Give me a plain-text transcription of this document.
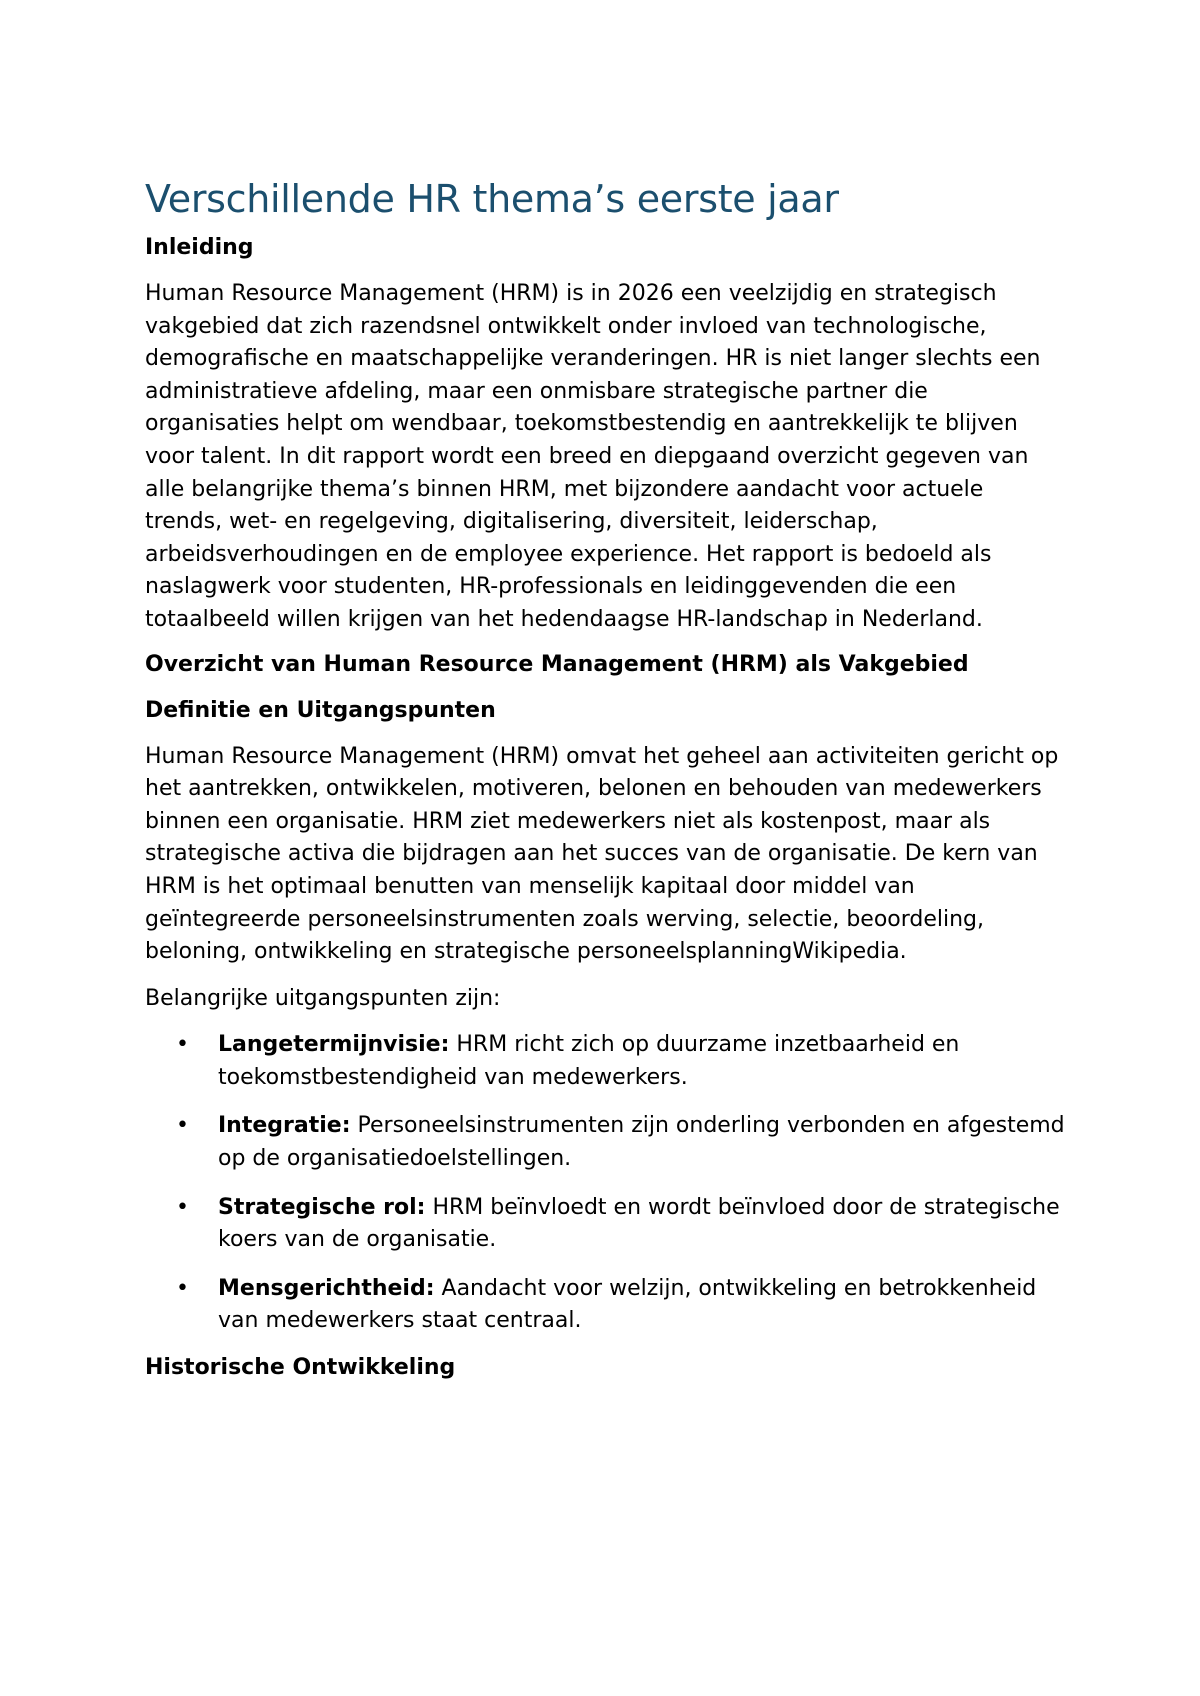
Verschillende HR thema’s eerste jaar
Inleiding

Human Resource Management (HRM) is in 2026 een veelzijdig en strategisch vakgebied dat zich razendsnel ontwikkelt onder invloed van technologische, demografische en maatschappelijke veranderingen. HR is niet langer slechts een administratieve afdeling, maar een onmisbare strategische partner die organisaties helpt om wendbaar, toekomstbestendig en aantrekkelijk te blijven voor talent. In dit rapport wordt een breed en diepgaand overzicht gegeven van alle belangrijke thema’s binnen HRM, met bijzondere aandacht voor actuele trends, wet- en regelgeving, digitalisering, diversiteit, leiderschap, arbeidsverhoudingen en de employee experience. Het rapport is bedoeld als naslagwerk voor studenten, HR-professionals en leidinggevenden die een totaalbeeld willen krijgen van het hedendaagse HR-landschap in Nederland.

Overzicht van Human Resource Management (HRM) als Vakgebied
Definitie en Uitgangspunten

Human Resource Management (HRM) omvat het geheel aan activiteiten gericht op het aantrekken, ontwikkelen, motiveren, belonen en behouden van medewerkers binnen een organisatie. HRM ziet medewerkers niet als kostenpost, maar als strategische activa die bijdragen aan het succes van de organisatie. De kern van HRM is het optimaal benutten van menselijk kapitaal door middel van geïntegreerde personeelsinstrumenten zoals werving, selectie, beoordeling, beloning, ontwikkeling en strategische personeelsplanningWikipedia.

Belangrijke uitgangspunten zijn:

• Langetermijnvisie: HRM richt zich op duurzame inzetbaarheid en toekomstbestendigheid van medewerkers.
• Integratie: Personeelsinstrumenten zijn onderling verbonden en afgestemd op de organisatiedoelstellingen.
• Strategische rol: HRM beïnvloedt en wordt beïnvloed door de strategische koers van de organisatie.
• Mensgerichtheid: Aandacht voor welzijn, ontwikkeling en betrokkenheid van medewerkers staat centraal.
Historische Ontwikkeling
